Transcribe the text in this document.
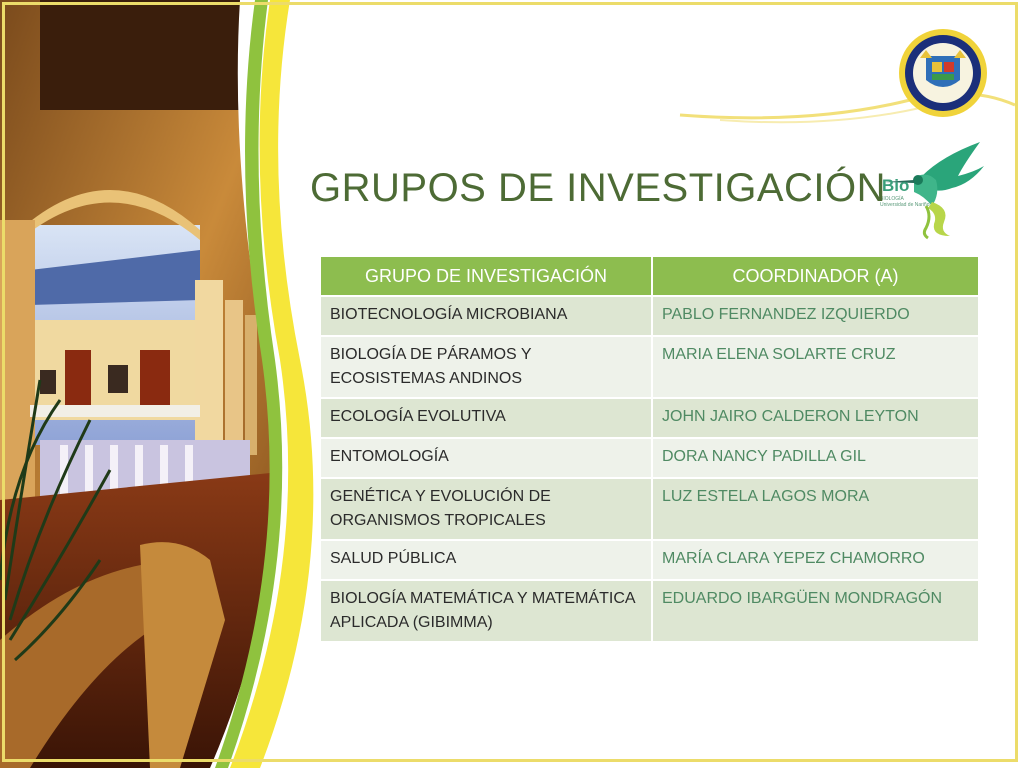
Bio
BIOLOGÍA
Universidad de Nariño
GRUPOS DE INVESTIGACIÓN
GRUPO DE INVESTIGACIÓN	COORDINADOR (A)
BIOTECNOLOGÍA MICROBIANA	PABLO FERNANDEZ IZQUIERDO
BIOLOGÍA DE PÁRAMOS Y ECOSISTEMAS ANDINOS	MARIA ELENA SOLARTE CRUZ
ECOLOGÍA EVOLUTIVA	JOHN JAIRO CALDERON LEYTON
ENTOMOLOGÍA	DORA NANCY PADILLA GIL
GENÉTICA Y EVOLUCIÓN DE ORGANISMOS TROPICALES	LUZ ESTELA LAGOS MORA
SALUD PÚBLICA	MARÍA CLARA YEPEZ CHAMORRO
BIOLOGÍA MATEMÁTICA Y MATEMÁTICA APLICADA (GIBIMMA)	EDUARDO IBARGÜEN MONDRAGÓN
